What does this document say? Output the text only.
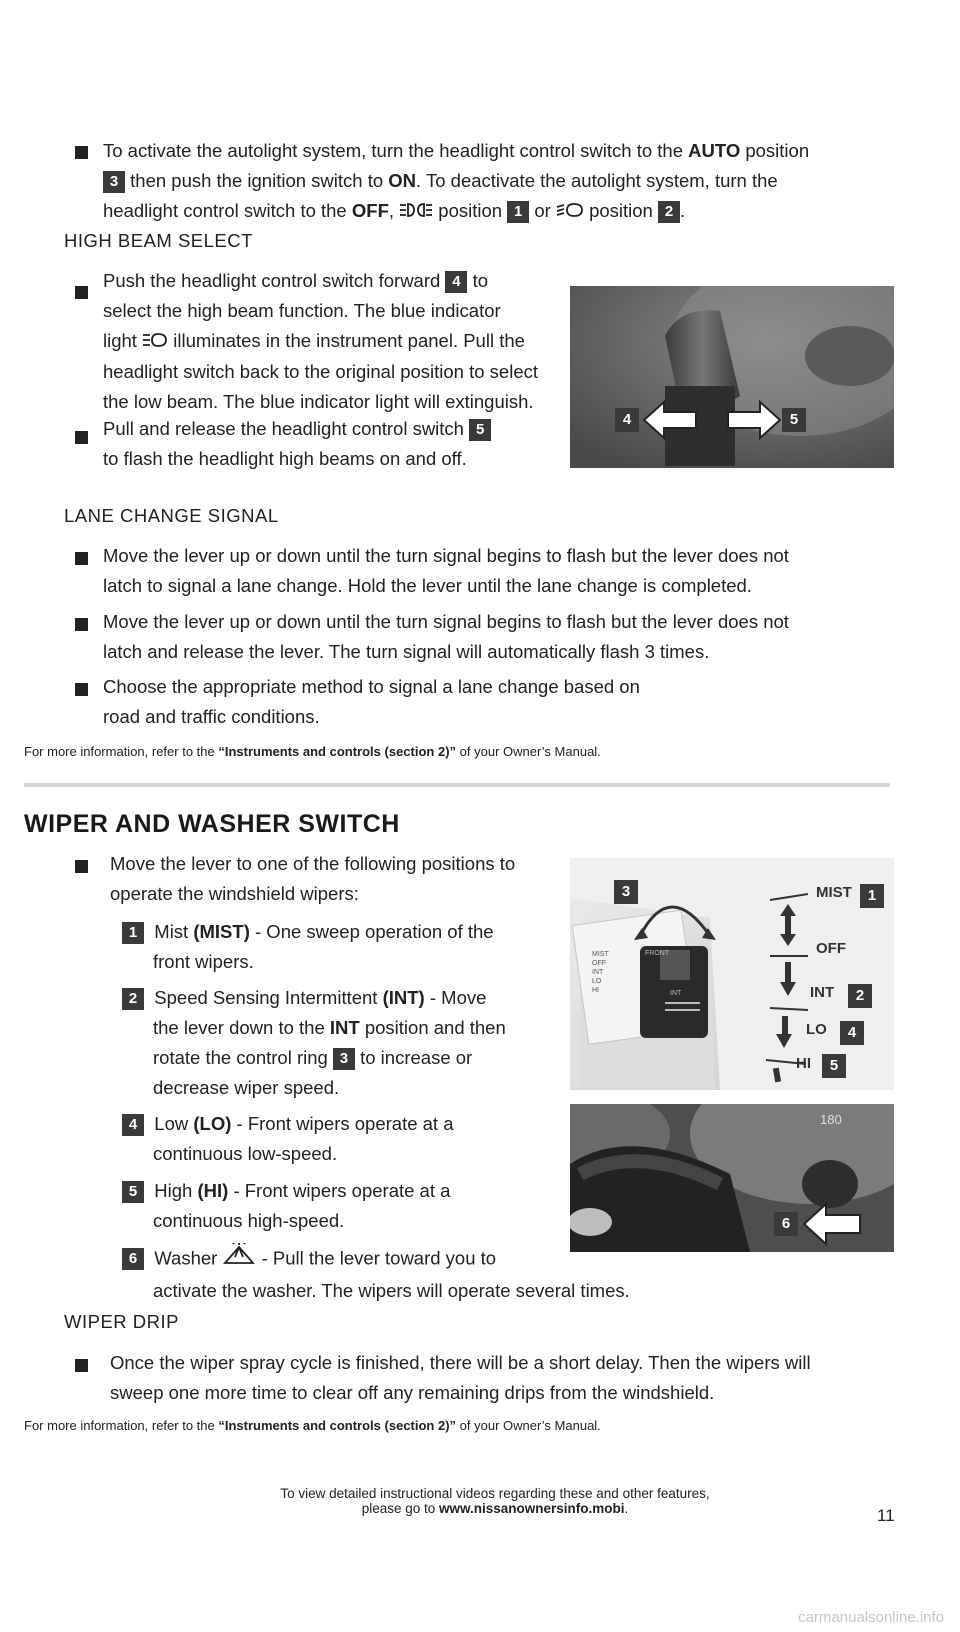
To activate the autolight system, turn the headlight control switch to the AUTO position
3 then push the ignition switch to ON. To deactivate the autolight system, turn the
headlight control switch to the OFF,  position 1 or position 2 .
HIGH BEAM SELECT
Push the headlight control switch forward 4 to
select the high beam function. The blue indicator
light illuminates in the instrument panel. Pull the
headlight switch back to the original position to select
the low beam. The blue indicator light will extinguish.
Pull and release the headlight control switch 5
to flash the headlight high beams on and off.
4	5
LANE CHANGE SIGNAL
Move the lever up or down until the turn signal begins to flash but the lever does not
latch to signal a lane change. Hold the lever until the lane change is completed.
Move the lever up or down until the turn signal begins to flash but the lever does not
latch and release the lever. The turn signal will automatically flash 3 times.
Choose the appropriate method to signal a lane change based on
road and traffic conditions.
For more information, refer to the “Instruments and controls (section 2)” of your Owner’s Manual.
WIPER AND WASHER SWITCH
Move the lever to one of the following positions to
operate the windshield wipers:
1 Mist (MIST) - One sweep operation of the
front wipers.
2 Speed Sensing Intermittent (INT) - Move
the lever down to the INT position and then
rotate the control ring 3 to increase or
decrease wiper speed.
4 Low (LO) - Front wipers operate at a
continuous low-speed.
5 High (HI) - Front wipers operate at a
continuous high-speed.
6 Washer - Pull the lever toward you to
activate the washer. The wipers will operate several times.
3	MIST	1
OFF
INT	2
LO	4
HI	5
MIST
OFF
INT
LO
HI
FRONT
INT
180
6
WIPER DRIP
Once the wiper spray cycle is finished, there will be a short delay. Then the wipers will
sweep one more time to clear off any remaining drips from the windshield.
For more information, refer to the “Instruments and controls (section 2)” of your Owner’s Manual.
To view detailed instructional videos regarding these and other features,
please go to www.nissanownersinfo.mobi.	11
carmanualsonline.info
